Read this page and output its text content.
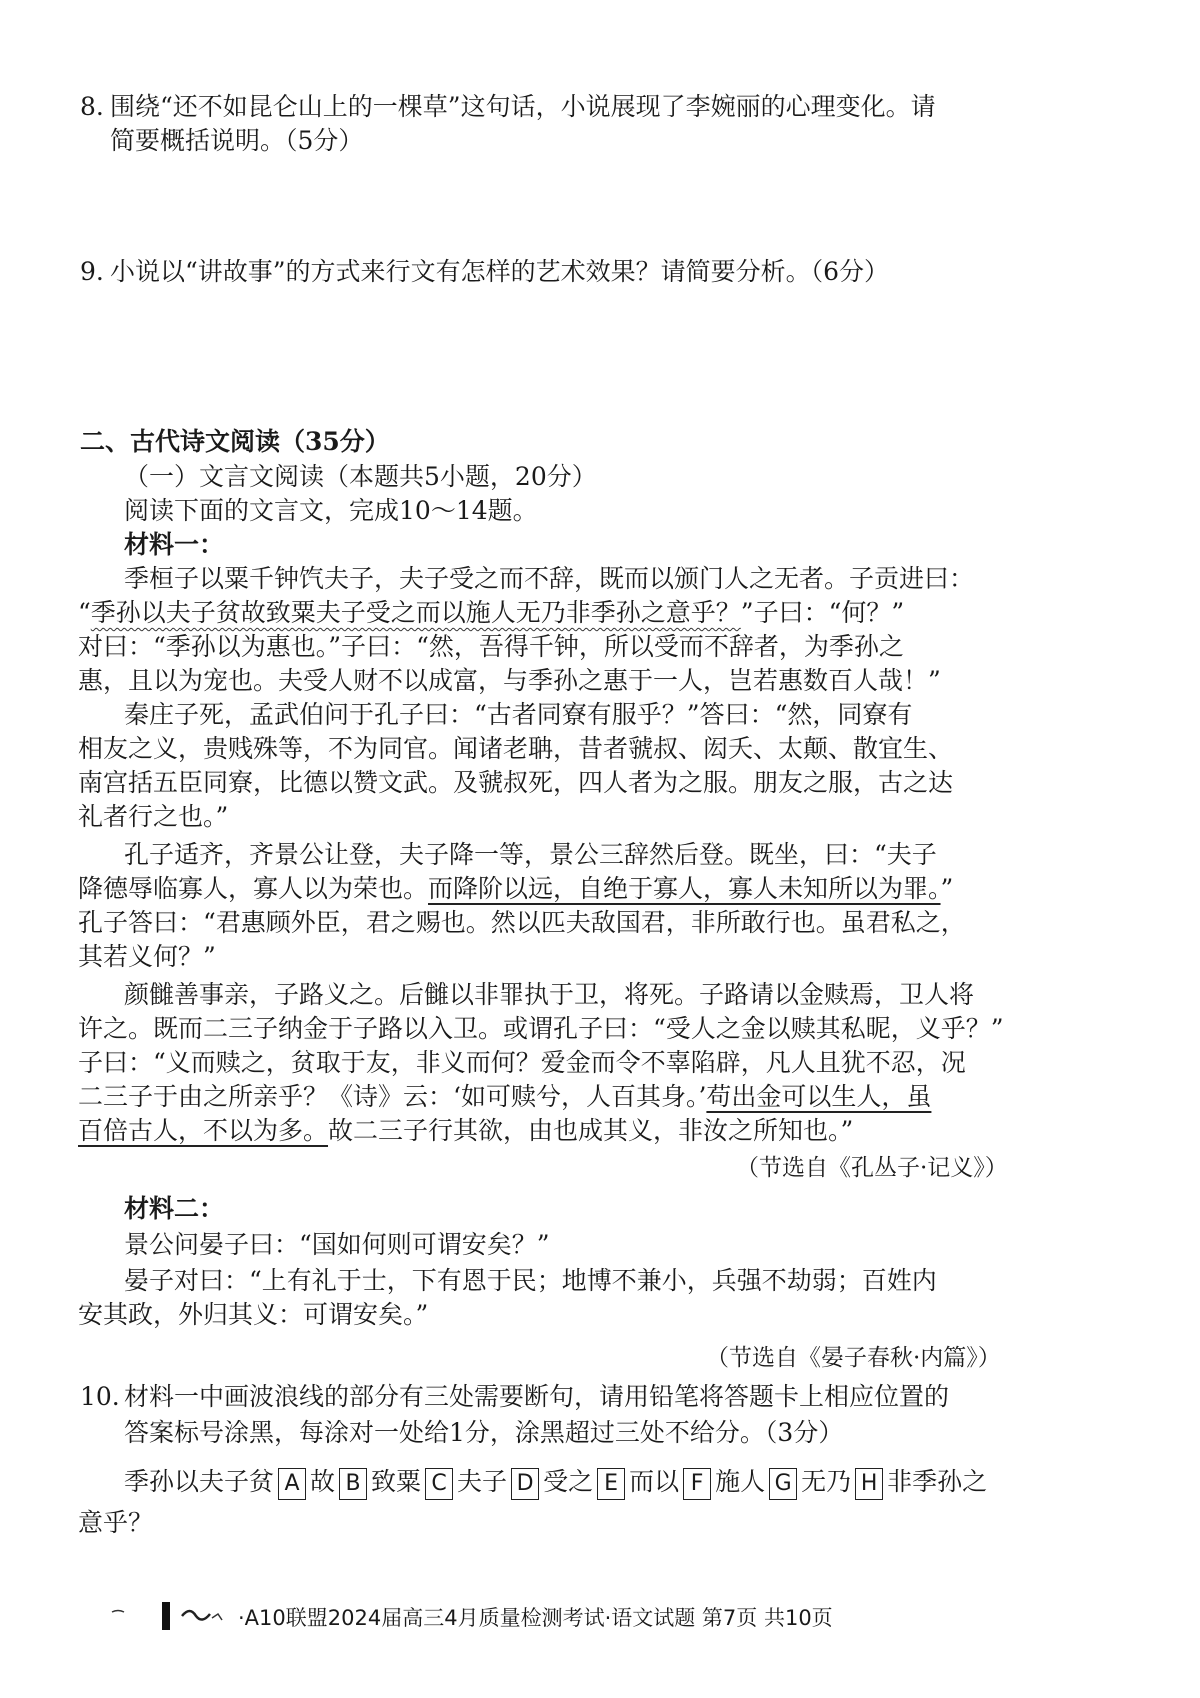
8. 围绕“还不如昆仑山上的一棵草”这句话，小说展现了李婉丽的心理变化。请
简要概括说明。（5分）
9. 小说以“讲故事”的方式来行文有怎样的艺术效果？请简要分析。（6分）
二、古代诗文阅读（35分）
（一）文言文阅读（本题共5小题，20分）
阅读下面的文言文，完成10～14题。
材料一：
季桓子以粟千钟饩夫子，夫子受之而不辞，既而以颁门人之无者。子贡进曰：
“季孙以夫子贫故致粟夫子受之而以施人无乃非季孙之意乎？”子曰：“何？”
对曰：“季孙以为惠也。”子曰：“然，吾得千钟，所以受而不辞者，为季孙之
惠，且以为宠也。夫受人财不以成富，与季孙之惠于一人，岂若惠数百人哉！”
秦庄子死，孟武伯问于孔子曰：“古者同寮有服乎？”答曰：“然，同寮有
相友之义，贵贱殊等，不为同官。闻诸老聃，昔者虢叔、闳夭、太颠、散宜生、
南宫括五臣同寮，比德以赞文武。及虢叔死，四人者为之服。朋友之服，古之达
礼者行之也。”
孔子适齐，齐景公让登，夫子降一等，景公三辞然后登。既坐，曰：“夫子
降德辱临寡人，寡人以为荣也。而降阶以远，自绝于寡人，寡人未知所以为罪。”
孔子答曰：“君惠顾外臣，君之赐也。然以匹夫敌国君，非所敢行也。虽君私之，
其若义何？”
颜雠善事亲，子路义之。后雠以非罪执于卫，将死。子路请以金赎焉，卫人将
许之。既而二三子纳金于子路以入卫。或谓孔子曰：“受人之金以赎其私昵，义乎？”
子曰：“义而赎之，贫取于友，非义而何？爱金而令不辜陷辟，凡人且犹不忍，况
二三子于由之所亲乎？《诗》云：‘如可赎兮，人百其身。’苟出金可以生人，虽
百倍古人，不以为多。故二三子行其欲，由也成其义，非汝之所知也。”
（节选自《孔丛子·记义》）
材料二：
景公问晏子曰：“国如何则可谓安矣？”
晏子对曰：“上有礼于士，下有恩于民；地博不兼小，兵强不劫弱；百姓内
安其政，外归其义：可谓安矣。”
（节选自《晏子春秋·内篇》）
10. 材料一中画波浪线的部分有三处需要断句，请用铅笔将答题卡上相应位置的
答案标号涂黑，每涂对一处给1分，涂黑超过三处不给分。（3分）
季孙以夫子贫 A 故 B 致粟 C 夫子 D 受之 E 而以 F 施人 G 无乃 H 非季孙之
意乎？
·A10联盟2024届高三4月质量检测考试·语文试题 第7页 共10页
